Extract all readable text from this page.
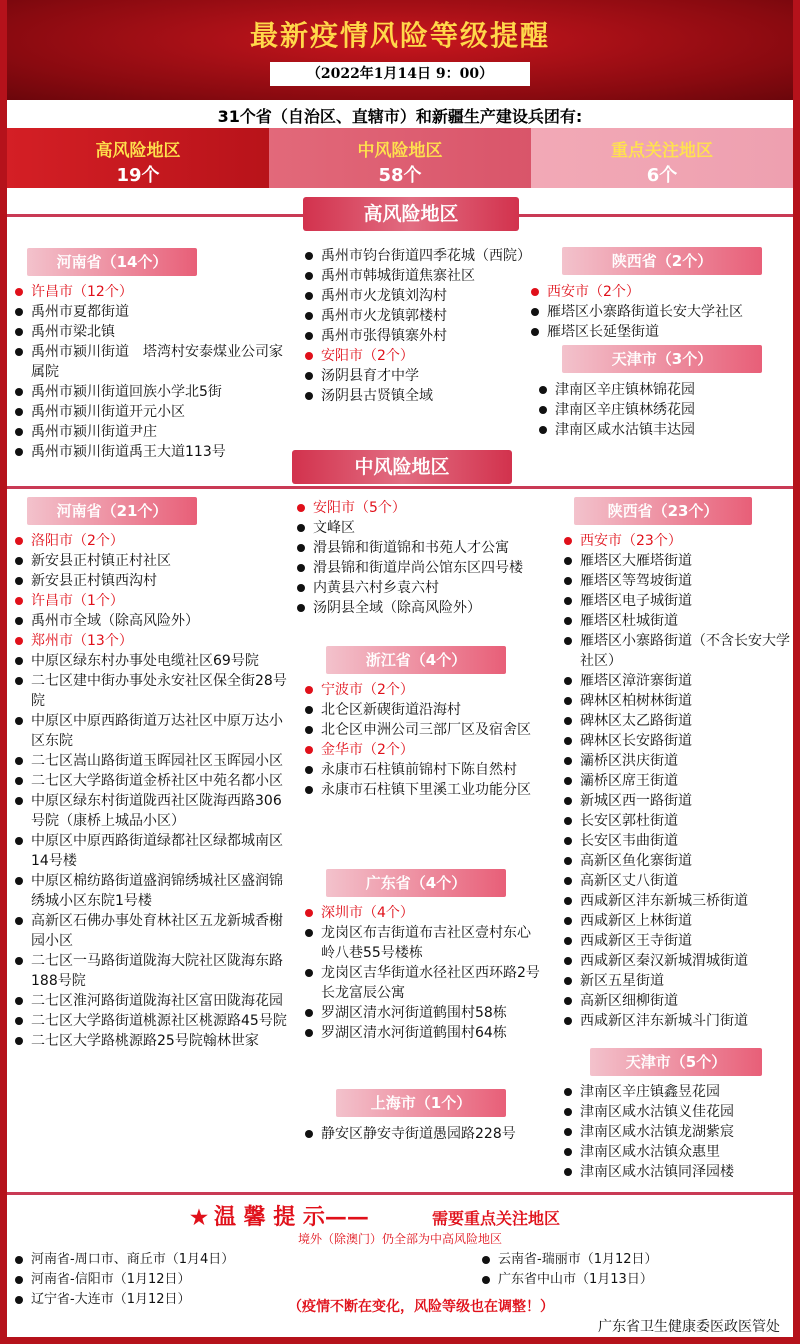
最新疫情风险等级提醒
（2022年1月14日 9：00）
31个省（自治区、直辖市）和新疆生产建设兵团有:
高风险地区
19个
中风险地区
58个
重点关注地区
6个
高风险地区
河南省（14个）
许昌市（12个）
禹州市夏都街道
禹州市梁北镇
禹州市颍川街道　塔湾村安泰煤业公司家属院
禹州市颍川街道回族小学北5街
禹州市颍川街道开元小区
禹州市颍川街道尹庄
禹州市颍川街道禹王大道113号
禹州市钧台街道四季花城（西院）
禹州市韩城街道焦寨社区
禹州市火龙镇刘沟村
禹州市火龙镇郭楼村
禹州市张得镇寨外村
安阳市（2个）
汤阴县育才中学
汤阴县古贤镇全域
陕西省（2个）
西安市（2个）
雁塔区小寨路街道长安大学社区
雁塔区长延堡街道
天津市（3个）
津南区辛庄镇林锦花园
津南区辛庄镇林绣花园
津南区咸水沽镇丰达园
中风险地区
河南省（21个）
洛阳市（2个）
新安县正村镇正村社区
新安县正村镇西沟村
许昌市（1个）
禹州市全域（除高风险外）
郑州市（13个）
中原区绿东村办事处电缆社区69号院
二七区建中街办事处永安社区保全街28号院
中原区中原西路街道万达社区中原万达小区东院
二七区嵩山路街道玉晖园社区玉晖园小区
二七区大学路街道金桥社区中苑名都小区
中原区绿东村街道陇西社区陇海西路306号院（康桥上城品小区）
中原区中原西路街道绿都社区绿都城南区14号楼
中原区棉纺路街道盛润锦绣城社区盛润锦绣城小区东院1号楼
高新区石佛办事处育林社区五龙新城香榭园小区
二七区一马路街道陇海大院社区陇海东路188号院
二七区淮河路街道陇海社区富田陇海花园
二七区大学路街道桃源社区桃源路45号院
二七区大学路桃源路25号院翰林世家
安阳市（5个）
文峰区
滑县锦和街道锦和书苑人才公寓
滑县锦和街道岸尚公馆东区四号楼
内黄县六村乡袁六村
汤阴县全域（除高风险外）
浙江省（4个）
宁波市（2个）
北仑区新碶街道沿海村
北仑区申洲公司三部厂区及宿舍区
金华市（2个）
永康市石柱镇前锦村下陈自然村
永康市石柱镇下里溪工业功能分区
广东省（4个）
深圳市（4个）
龙岗区布吉街道布吉社区壹村东心岭八巷55号楼栋
龙岗区吉华街道水径社区西环路2号长龙富辰公寓
罗湖区清水河街道鹤围村58栋
罗湖区清水河街道鹤围村64栋
上海市（1个）
静安区静安寺街道愚园路228号
陕西省（23个）
西安市（23个）
雁塔区大雁塔街道
雁塔区等驾坡街道
雁塔区电子城街道
雁塔区杜城街道
雁塔区小寨路街道（不含长安大学社区）
雁塔区漳浒寨街道
碑林区柏树林街道
碑林区太乙路街道
碑林区长安路街道
灞桥区洪庆街道
灞桥区席王街道
新城区西一路街道
长安区郭杜街道
长安区韦曲街道
高新区鱼化寨街道
高新区丈八街道
西咸新区沣东新城三桥街道
西咸新区上林街道
西咸新区王寺街道
西咸新区秦汉新城渭城街道
新区五星街道
高新区细柳街道
西咸新区沣东新城斗门街道
天津市（5个）
津南区辛庄镇鑫昱花园
津南区咸水沽镇义佳花园
津南区咸水沽镇龙湖紫宸
津南区咸水沽镇众惠里
津南区咸水沽镇同泽园楼
★ 温 馨 提 示——	需要重点关注地区
境外（除澳门）仍全部为中高风险地区
河南省-周口市、商丘市（1月4日）
河南省-信阳市（1月12日）
辽宁省-大连市（1月12日）
云南省-瑞丽市（1月12日）
广东省中山市（1月13日）
（疫情不断在变化，风险等级也在调整！）
广东省卫生健康委医政医管处
